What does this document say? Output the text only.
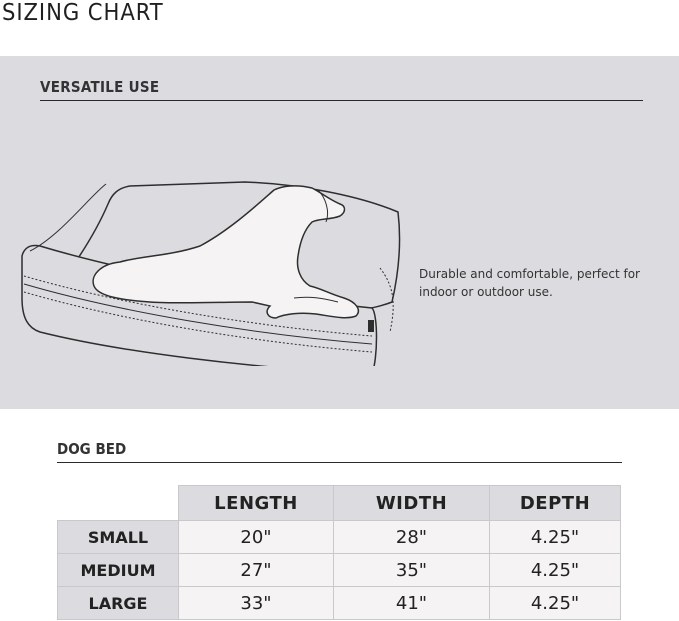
SIZING CHART
VERSATILE USE
Durable and comfortable, perfect for indoor or outdoor use.
DOG BED
	LENGTH	WIDTH	DEPTH
SMALL	20"	28"	4.25"
MEDIUM	27"	35"	4.25"
LARGE	33"	41"	4.25"
